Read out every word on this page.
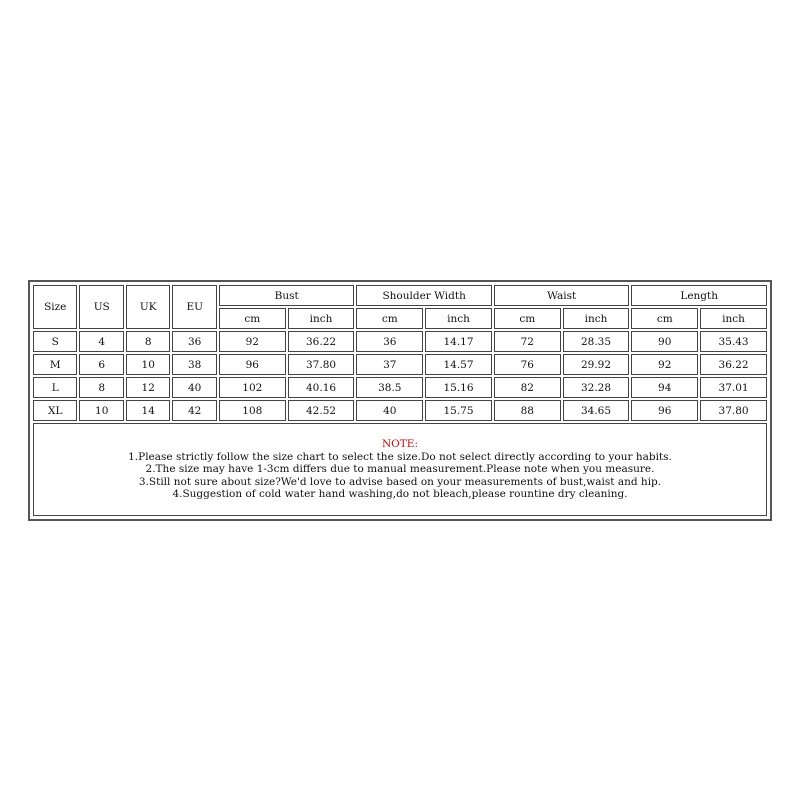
Size	US	UK	EU	Bust		Shoulder Width		Waist		Length	
				cm	inch	cm	inch	cm	inch	cm	inch
S	4	8	36	92	36.22	36	14.17	72	28.35	90	35.43
M	6	10	38	96	37.80	37	14.57	76	29.92	92	36.22
L	8	12	40	102	40.16	38.5	15.16	82	32.28	94	37.01
XL	10	14	42	108	42.52	40	15.75	88	34.65	96	37.80
NOTE:
1.Please strictly follow the size chart to select the size.Do not select directly according to your habits.
2.The size may have 1-3cm differs due to manual measurement.Please note when you measure.
3.Still not sure about size?We'd love to advise based on your measurements of bust,waist and hip.
4.Suggestion of cold water hand washing,do not bleach,please rountine dry cleaning.
